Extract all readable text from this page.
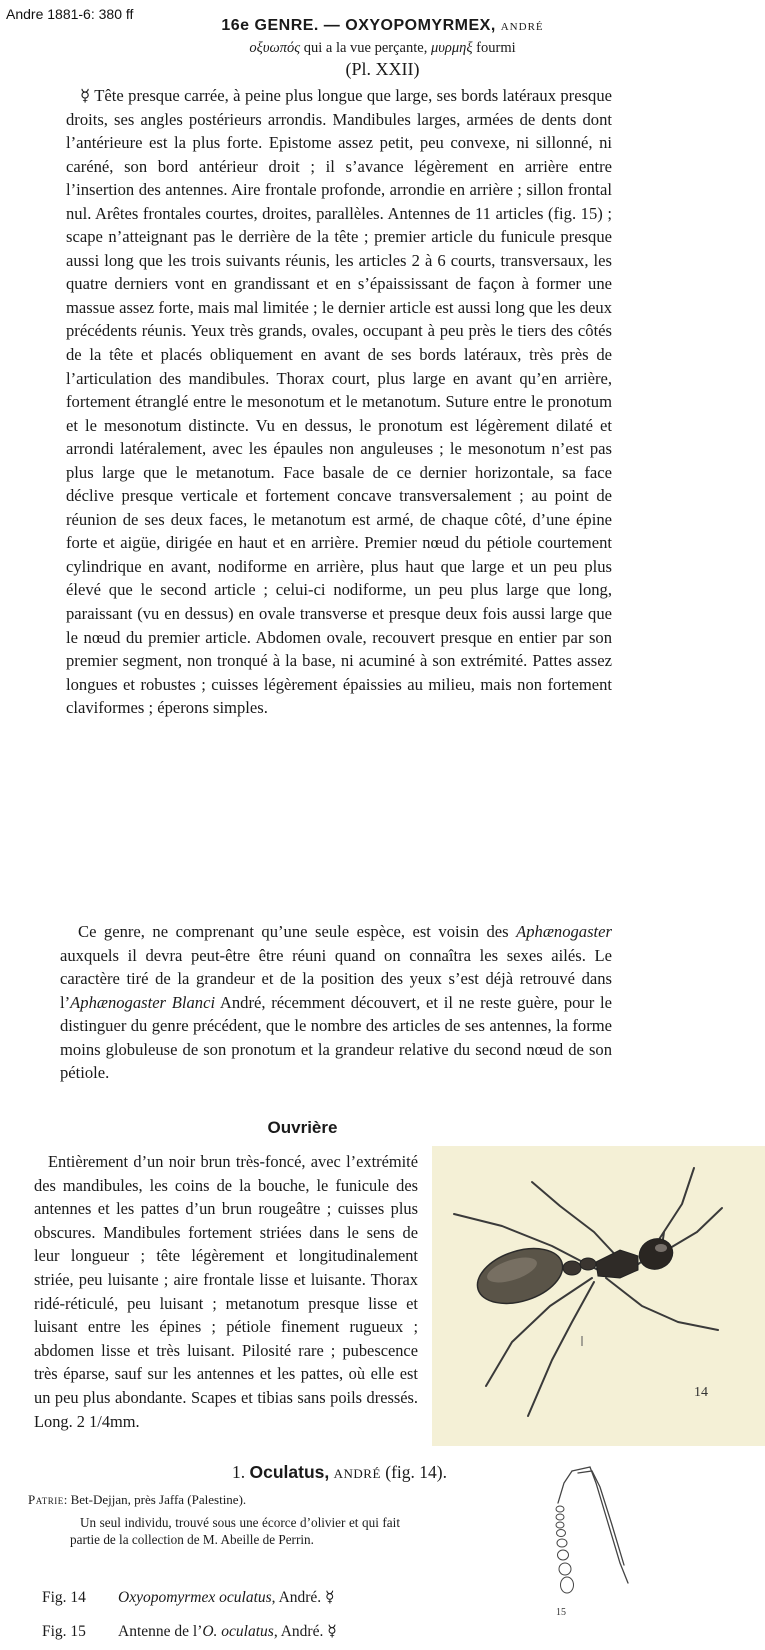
Andre 1881-6: 380 ff
16e GENRE. — OXYOPOMYRMEX, ANDRÉ
οξυωπός qui a la vue perçante, μυρμηξ fourmi
(Pl. XXII)

☿ Tête presque carrée, à peine plus longue que large, ses bords latéraux presque droits, ses angles postérieurs arrondis. Mandibules larges, armées de dents dont l’antérieure est la plus forte. Epistome assez petit, peu convexe, ni sillonné, ni caréné, son bord antérieur droit ; il s’avance légèrement en arrière entre l’insertion des antennes. Aire frontale profonde, arrondie en arrière ; sillon frontal nul. Arêtes frontales courtes, droites, parallèles. Antennes de 11 articles (fig. 15) ; scape n’atteignant pas le derrière de la tête ; premier article du funicule presque aussi long que les trois suivants réunis, les articles 2 à 6 courts, transversaux, les quatre derniers vont en grandissant et en s’épaississant de façon à former une massue assez forte, mais mal limitée ; le dernier article est aussi long que les deux précédents réunis. Yeux très grands, ovales, occupant à peu près le tiers des côtés de la tête et placés obliquement en avant de ses bords latéraux, très près de l’articulation des mandibules. Thorax court, plus large en avant qu’en arrière, fortement étranglé entre le mesonotum et le metanotum. Suture entre le pronotum et le mesonotum distincte. Vu en dessus, le pronotum est légèrement dilaté et arrondi latéralement, avec les épaules non anguleuses ; le mesonotum n’est pas plus large que le metanotum. Face basale de ce dernier horizontale, sa face déclive presque verticale et fortement concave transversalement ; au point de réunion de ses deux faces, le metanotum est armé, de chaque côté, d’une épine forte et aigüe, dirigée en haut et en arrière. Premier nœud du pétiole courtement cylindrique en avant, nodiforme en arrière, plus haut que large et un peu plus élevé que le second article ; celui-ci nodiforme, un peu plus large que long, paraissant (vu en dessus) en ovale transverse et presque deux fois aussi large que le nœud du premier article. Abdomen ovale, recouvert presque en entier par son premier segment, non tronqué à la base, ni acuminé à son extrémité. Pattes assez longues et robustes ; cuisses légèrement épaissies au milieu, mais non fortement claviformes ; éperons simples.

Ce genre, ne comprenant qu’une seule espèce, est voisin des Aphænogaster auxquels il devra peut-être être réuni quand on connaîtra les sexes ailés. Le caractère tiré de la grandeur et de la position des yeux s’est déjà retrouvé dans l’Aphænogaster Blanci André, récemment découvert, et il ne reste guère, pour le distinguer du genre précédent, que le nombre des articles de ses antennes, la forme moins globuleuse de son pronotum et la grandeur relative du second nœud de son pétiole.

Ouvrière

Entièrement d’un noir brun très-foncé, avec l’extrémité des mandibules, les coins de la bouche, le funicule des antennes et les pattes d’un brun rougeâtre ; cuisses plus obscures. Mandibules fortement striées dans le sens de leur longueur ; tête légèrement et longitudinalement striée, peu luisante ; aire frontale lisse et luisante. Thorax ridé-réticulé, peu luisant ; metanotum presque lisse et luisant entre les épines ; pétiole finement rugueux ; abdomen lisse et très luisant. Pilosité rare ; pubescence très éparse, sauf sur les antennes et les pattes, où elle est un peu plus abondante. Scapes et tibias sans poils dressés. Long. 2 1/4mm.

1. Oculatus, ANDRÉ (fig. 14).
Patrie: Bet-Dejjan, près Jaffa (Palestine).

Un seul individu, trouvé sous une écorce d’olivier et qui fait partie de la collection de M. Abeille de Perrin.

Fig. 14 Oxyopomyrmex oculatus, André. ☿
Fig. 15 Antenne de l’O. oculatus, André. ☿
14
15
